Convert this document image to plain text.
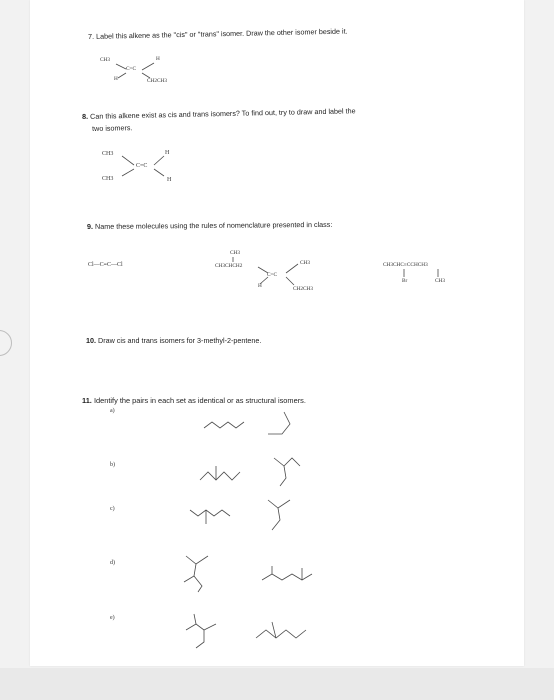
7. Label this alkene as the "cis" or "trans" isomer. Draw the other isomer beside it.
CH3	H
C=C
H	CH2CH3
8. Can this alkene exist as cis and trans isomers? To find out, try to draw and label the
two isomers.
CH3	H
C=C
CH3	H
9. Name these molecules using the rules of nomenclature presented in class:
Cl—C≡C—Cl
CH3
CH3CHCH2	CH3
C=C
H	CH2CH3
CH3CHC≡CCHCH3
Br	CH3
10. Draw cis and trans isomers for 3-methyl-2-pentene.
11. Identify the pairs in each set as identical or as structural isomers.
a)
b)
c)
d)
e)
